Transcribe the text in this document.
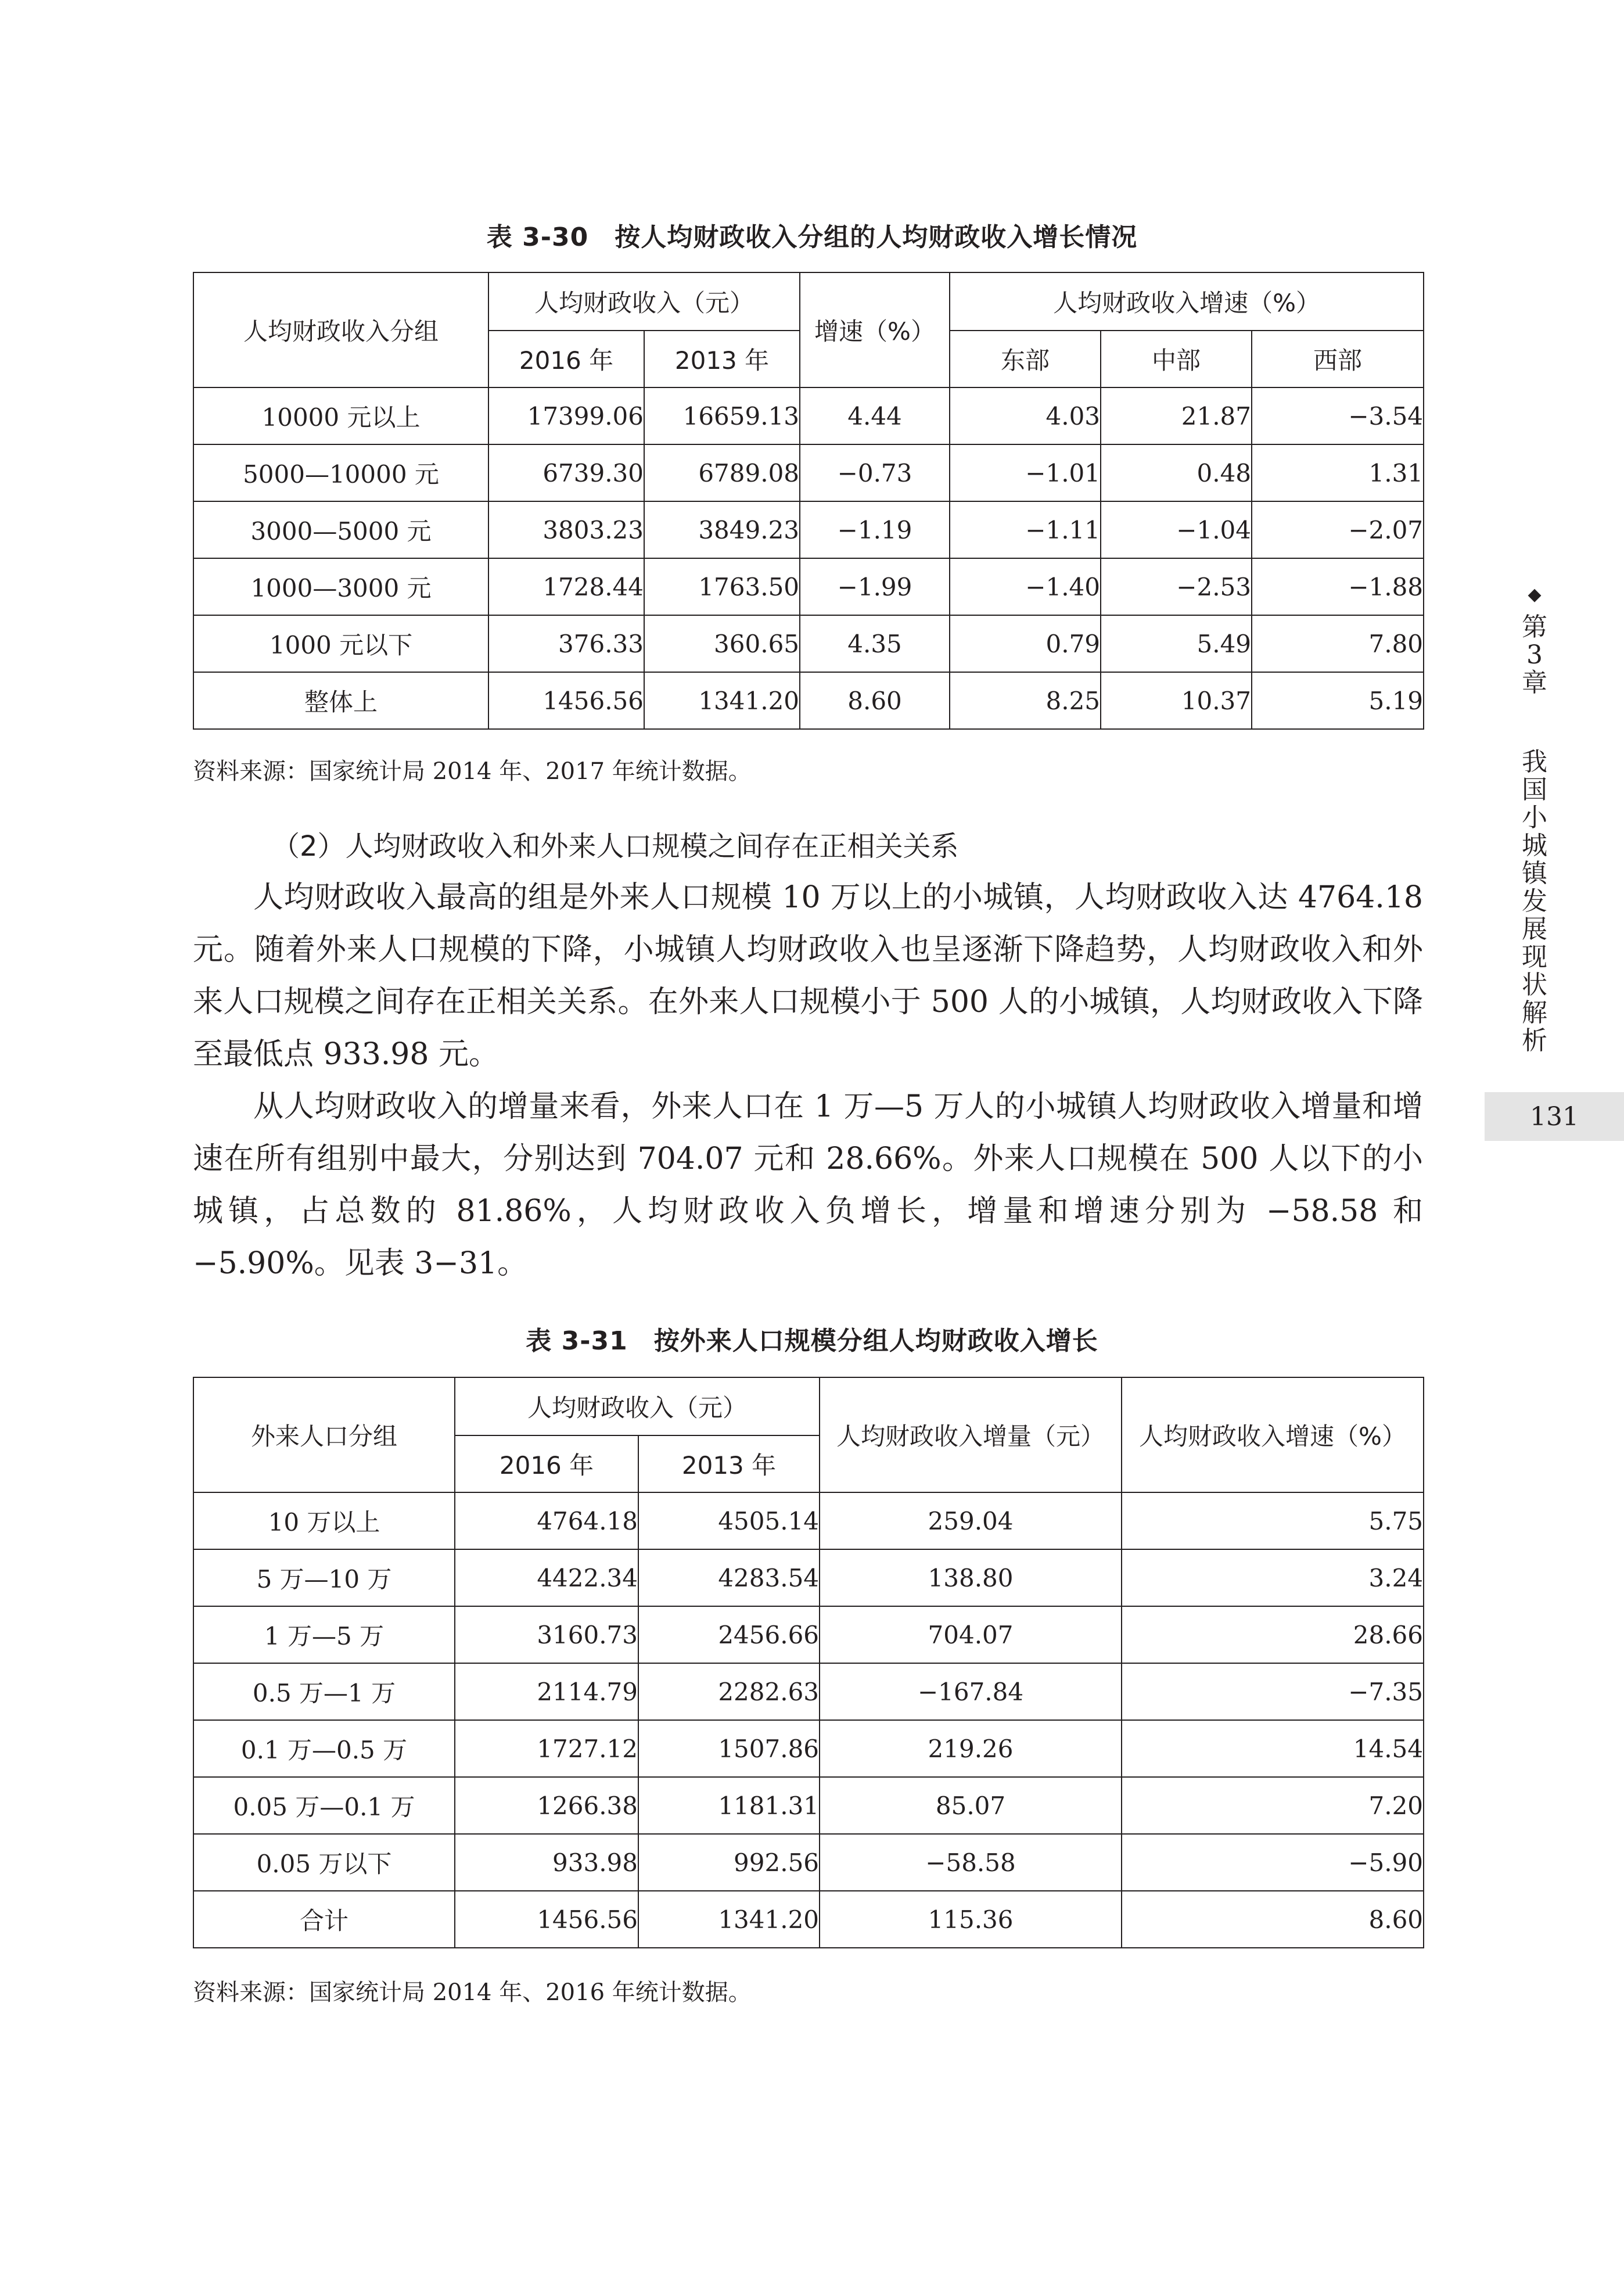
表 3-30　按人均财政收入分组的人均财政收入增长情况
人均财政收入分组	人均财政收入（元）		增速（%）	人均财政收入增速（%）		
	2016 年	2013 年		东部	中部	西部
10000 元以上	17399.06	16659.13	4.44	4.03	21.87	−3.54
5000—10000 元	6739.30	6789.08	−0.73	−1.01	0.48	1.31
3000—5000 元	3803.23	3849.23	−1.19	−1.11	−1.04	−2.07
1000—3000 元	1728.44	1763.50	−1.99	−1.40	−2.53	−1.88
1000 元以下	376.33	360.65	4.35	0.79	5.49	7.80
整体上	1456.56	1341.20	8.60	8.25	10.37	5.19
资料来源：国家统计局 2014 年、2017 年统计数据。
（2）人均财政收入和外来人口规模之间存在正相关关系

人均财政收入最高的组是外来人口规模 10 万以上的小城镇，人均财政收入达 4764.18 元。随着外来人口规模的下降，小城镇人均财政收入也呈逐渐下降趋势，人均财政收入和外来人口规模之间存在正相关关系。在外来人口规模小于 500 人的小城镇，人均财政收入下降至最低点 933.98 元。

从人均财政收入的增量来看，外来人口在 1 万—5 万人的小城镇人均财政收入增量和增速在所有组别中最大，分别达到 704.07 元和 28.66%。外来人口规模在 500 人以下的小城镇，占总数的 81.86%，人均财政收入负增长，增量和增速分别为 −58.58 和 −5.90%。见表 3−31。

表 3-31　按外来人口规模分组人均财政收入增长
外来人口分组	人均财政收入（元）		人均财政收入增量（元）	人均财政收入增速（%）
	2016 年	2013 年		
10 万以上	4764.18	4505.14	259.04	5.75
5 万—10 万	4422.34	4283.54	138.80	3.24
1 万—5 万	3160.73	2456.66	704.07	28.66
0.5 万—1 万	2114.79	2282.63	−167.84	−7.35
0.1 万—0.5 万	1727.12	1507.86	219.26	14.54
0.05 万—0.1 万	1266.38	1181.31	85.07	7.20
0.05 万以下	933.98	992.56	−58.58	−5.90
合计	1456.56	1341.20	115.36	8.60
资料来源：国家统计局 2014 年、2016 年统计数据。
◆
第
3
章
我
国
小
城
镇
发
展
现
状
解
析
131
